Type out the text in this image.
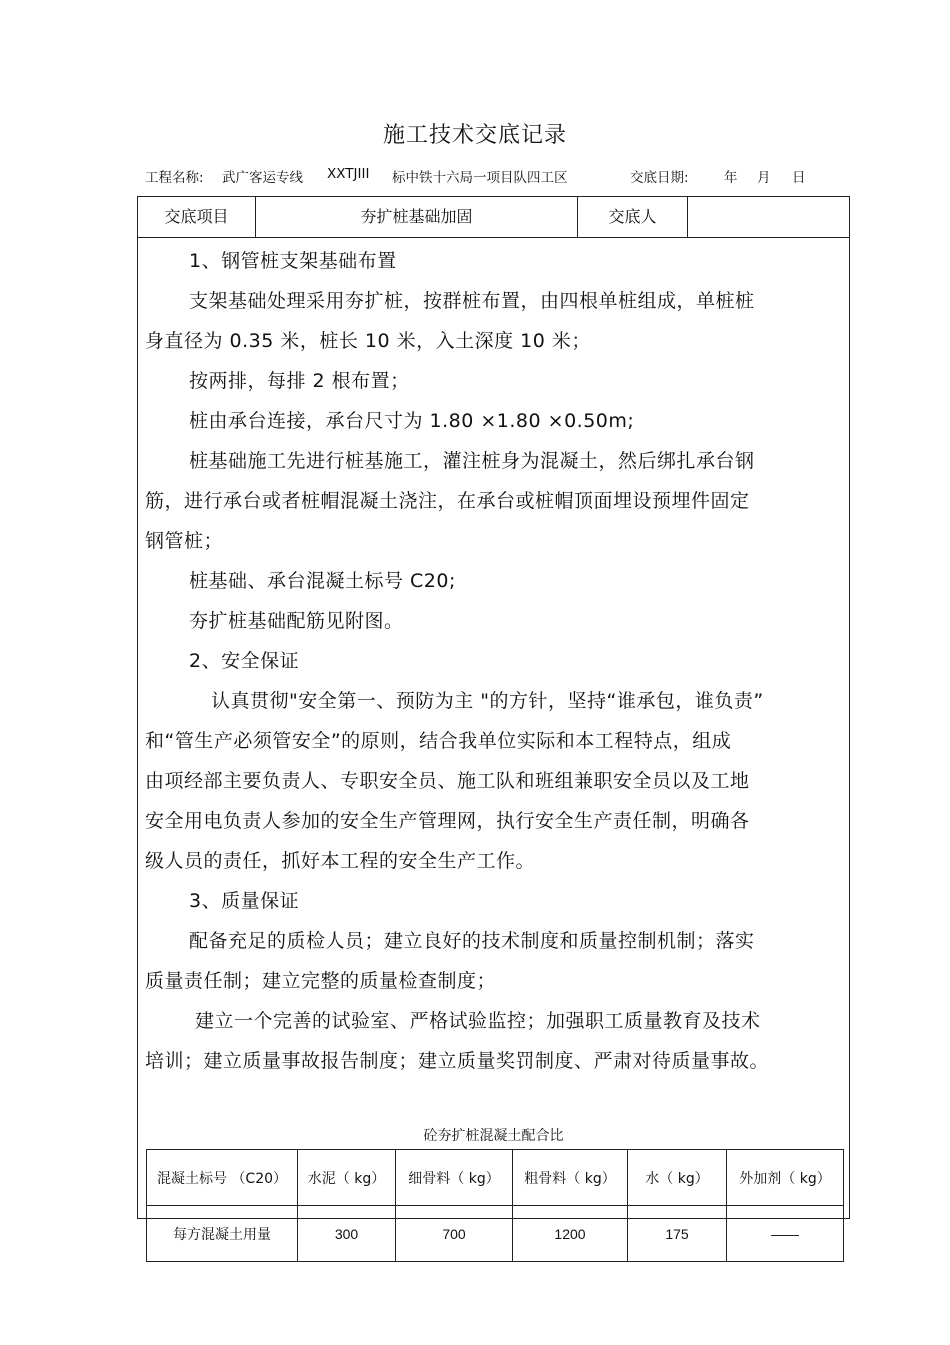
施工技术交底记录
工程名称: 武广客运专线 XXTJIII 标中铁十六局一项目队四工区	交底日期:	年 月 日
交底项目	夯扩桩基础加固	交底人
1、钢管桩支架基础布置
支架基础处理采用夯扩桩，按群桩布置，由四根单桩组成，单桩桩
身直径为 0.35 米，桩长 10 米，入土深度 10 米；
按两排，每排 2 根布置；
桩由承台连接，承台尺寸为 1.80 ×1.80 ×0.50m;
桩基础施工先进行桩基施工，灌注桩身为混凝土，然后绑扎承台钢
筋，进行承台或者桩帽混凝土浇注，在承台或桩帽顶面埋设预埋件固定
钢管桩；
桩基础、承台混凝土标号 C20;
夯扩桩基础配筋见附图。
2、安全保证
认真贯彻"安全第一、预防为主 "的方针，坚持“谁承包，谁负责”
和“管生产必须管安全”的原则，结合我单位实际和本工程特点，组成
由项经部主要负责人、专职安全员、施工队和班组兼职安全员以及工地
安全用电负责人参加的安全生产管理网，执行安全生产责任制，明确各
级人员的责任，抓好本工程的安全生产工作。
3、质量保证
配备充足的质检人员；建立良好的技术制度和质量控制机制；落实
质量责任制；建立完整的质量检查制度；
建立一个完善的试验室、严格试验监控；加强职工质量教育及技术
培训；建立质量事故报告制度；建立质量奖罚制度、严肃对待质量事故。
砼夯扩桩混凝土配合比
混凝土标号 （C20）	水泥（ kg）	细骨料（ kg）	粗骨料（ kg）	水（ kg）	外加剂（ kg）
每方混凝土用量	300	700	1200	175	——
